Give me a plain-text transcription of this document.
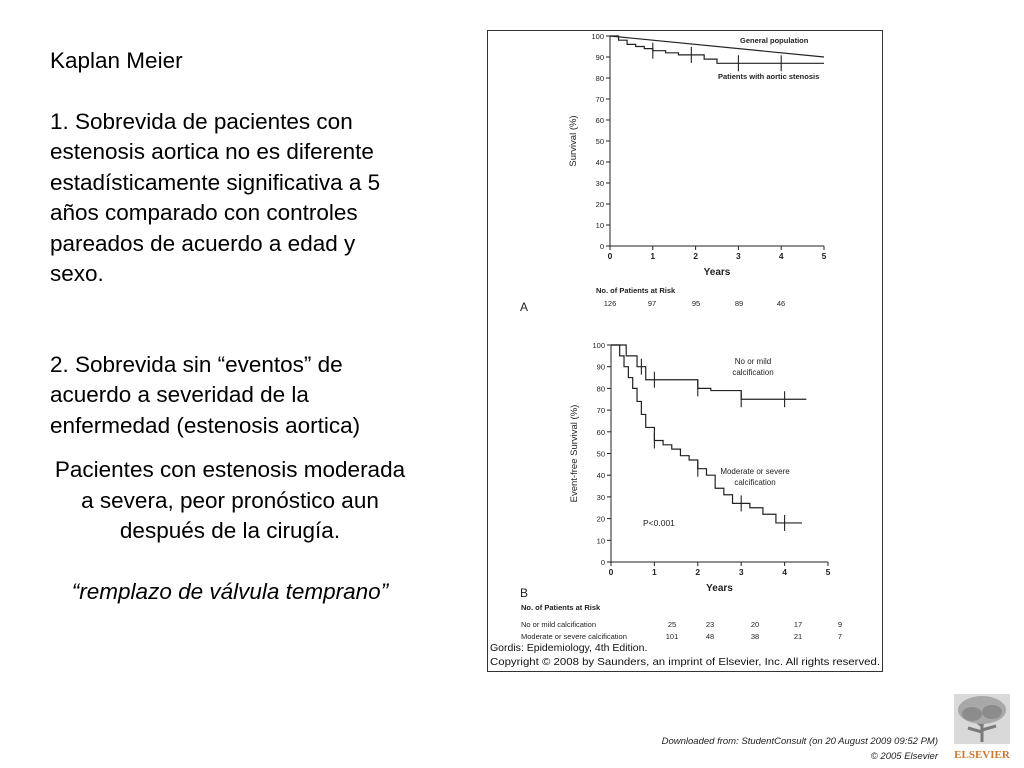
Kaplan Meier

1. Sobrevida de pacientes con estenosis aortica no es diferente estadísticamente significativa a 5 años comparado con controles pareados de acuerdo a edad y sexo.

2. Sobrevida sin “eventos” de acuerdo a severidad de la enfermedad (estenosis aortica)

Pacientes con estenosis moderada a severa, peor pronóstico aun después de la cirugía.

“remplazo de válvula temprano”

0
10
20
30
40
50
60
70
80
90
100
0	1	2	3	4	5
Years
Survival (%)
General population
Patients with aortic stenosis
A
No. of Patients at Risk
126	97	95	89	46
0
10
20
30
40
50
60
70
80
90
100
0	1	2	3	4	5
Years
Event-free Survival (%)
No or mild
calcification
Moderate or severe
calcification
P<0.001
B
No. of Patients at Risk
No or mild calcification	25	23	20	17	9
Moderate or severe calcification	101	48	38	21	7
Gordis: Epidemiology, 4th Edition.
Copyright © 2008 by Saunders, an imprint of Elsevier, Inc. All rights reserved.
Downloaded from: StudentConsult (on 20 August 2009 09:52 PM)
© 2005 Elsevier ELSEVIER
